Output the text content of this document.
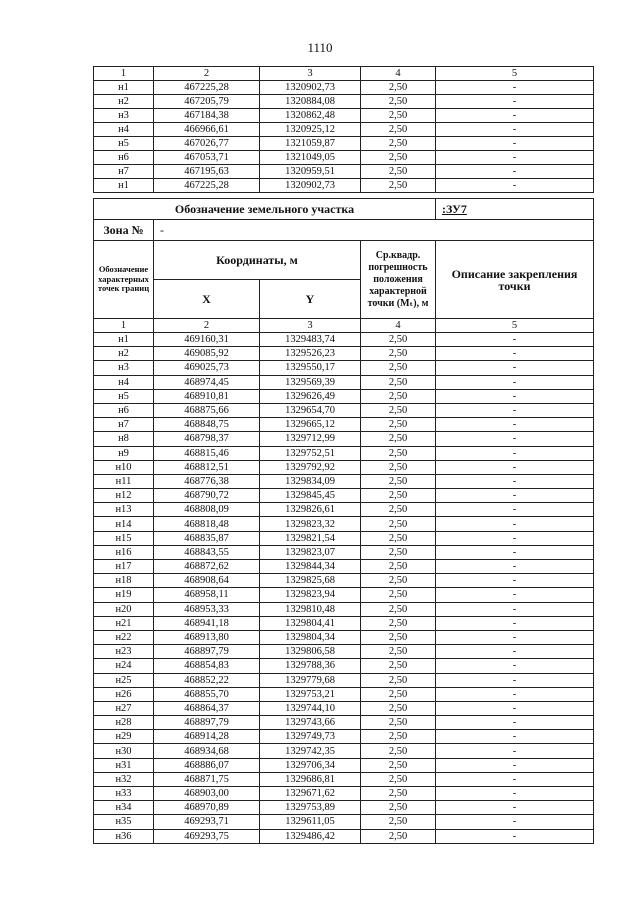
1110
1	2	3	4	5
н1	467225,28	1320902,73	2,50	-
н2	467205,79	1320884,08	2,50	-
н3	467184,38	1320862,48	2,50	-
н4	466966,61	1320925,12	2,50	-
н5	467026,77	1321059,87	2,50	-
н6	467053,71	1321049,05	2,50	-
н7	467195,63	1320959,51	2,50	-
н1	467225,28	1320902,73	2,50	-
Обозначение земельного участка				:ЗУ7
Зона №	-			
Обозначение характерных точек границ	Координаты, м		Ср.квадр. погрешность положения характерной точки (Mₜ), м	Описание закрепления точки
	X	Y		
1	2	3	4	5
н1	469160,31	1329483,74	2,50	-
н2	469085,92	1329526,23	2,50	-
н3	469025,73	1329550,17	2,50	-
н4	468974,45	1329569,39	2,50	-
н5	468910,81	1329626,49	2,50	-
н6	468875,66	1329654,70	2,50	-
н7	468848,75	1329665,12	2,50	-
н8	468798,37	1329712,99	2,50	-
н9	468815,46	1329752,51	2,50	-
н10	468812,51	1329792,92	2,50	-
н11	468776,38	1329834,09	2,50	-
н12	468790,72	1329845,45	2,50	-
н13	468808,09	1329826,61	2,50	-
н14	468818,48	1329823,32	2,50	-
н15	468835,87	1329821,54	2,50	-
н16	468843,55	1329823,07	2,50	-
н17	468872,62	1329844,34	2,50	-
н18	468908,64	1329825,68	2,50	-
н19	468958,11	1329823,94	2,50	-
н20	468953,33	1329810,48	2,50	-
н21	468941,18	1329804,41	2,50	-
н22	468913,80	1329804,34	2,50	-
н23	468897,79	1329806,58	2,50	-
н24	468854,83	1329788,36	2,50	-
н25	468852,22	1329779,68	2,50	-
н26	468855,70	1329753,21	2,50	-
н27	468864,37	1329744,10	2,50	-
н28	468897,79	1329743,66	2,50	-
н29	468914,28	1329749,73	2,50	-
н30	468934,68	1329742,35	2,50	-
н31	468886,07	1329706,34	2,50	-
н32	468871,75	1329686,81	2,50	-
н33	468903,00	1329671,62	2,50	-
н34	468970,89	1329753,89	2,50	-
н35	469293,71	1329611,05	2,50	-
н36	469293,75	1329486,42	2,50	-
